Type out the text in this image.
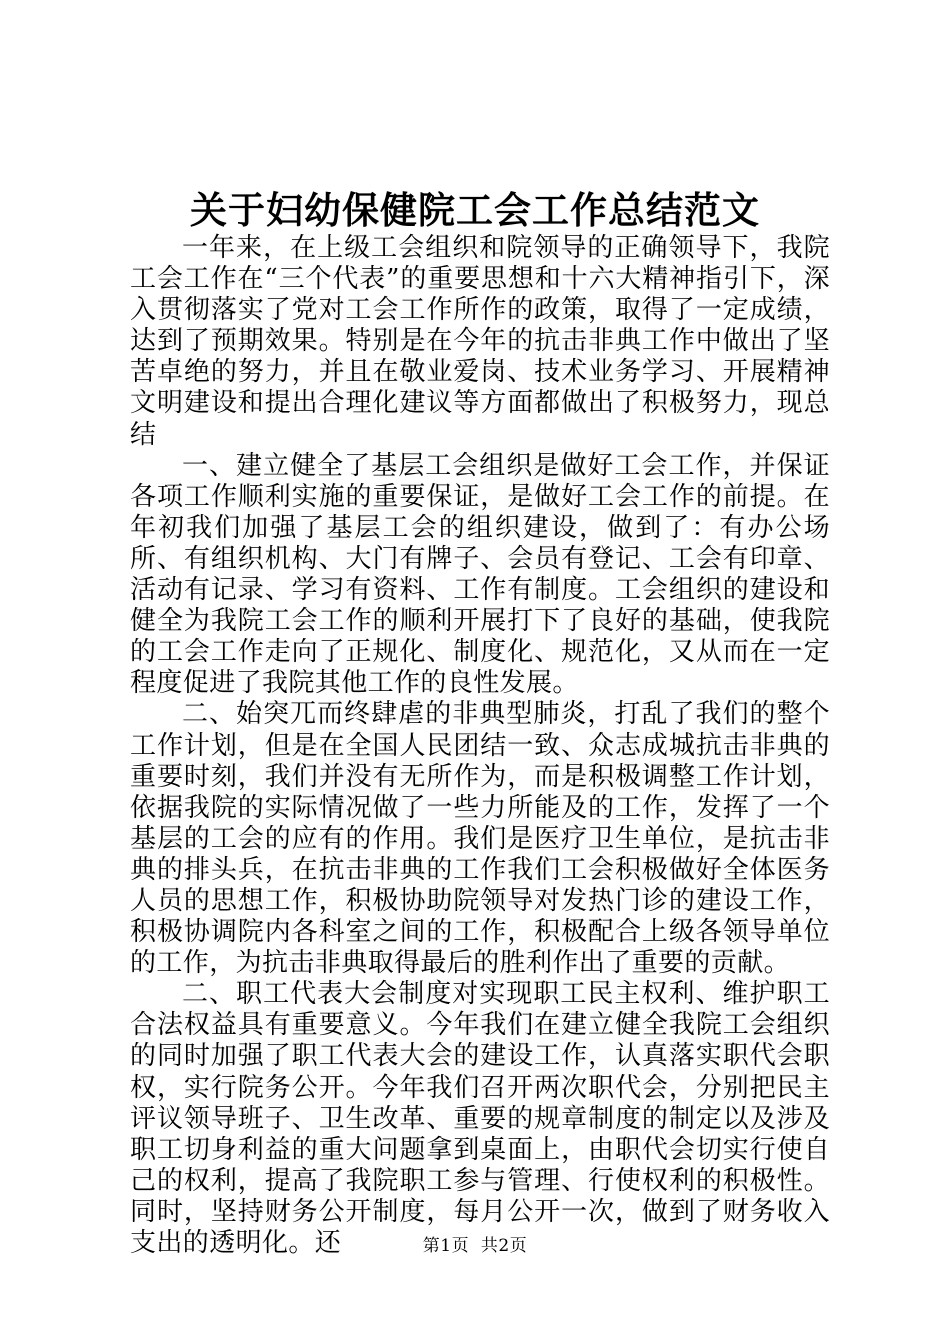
关于妇幼保健院工会工作总结范文

一年来，在上级工会组织和院领导的正确领导下，我院工会工作在“三个代表”的重要思想和十六大精神指引下，深入贯彻落实了党对工会工作所作的政策，取得了一定成绩，达到了预期效果。特别是在今年的抗击非典工作中做出了坚苦卓绝的努力，并且在敬业爱岗、技术业务学习、开展精神文明建设和提出合理化建议等方面都做出了积极努力，现总结

一、建立健全了基层工会组织是做好工会工作，并保证各项工作顺利实施的重要保证，是做好工会工作的前提。在年初我们加强了基层工会的组织建设，做到了：有办公场所、有组织机构、大门有牌子、会员有登记、工会有印章、活动有记录、学习有资料、工作有制度。工会组织的建设和健全为我院工会工作的顺利开展打下了良好的基础，使我院的工会工作走向了正规化、制度化、规范化，又从而在一定程度促进了我院其他工作的良性发展。

二、始突兀而终肆虐的非典型肺炎，打乱了我们的整个工作计划，但是在全国人民团结一致、众志成城抗击非典的重要时刻，我们并没有无所作为，而是积极调整工作计划，依据我院的实际情况做了一些力所能及的工作，发挥了一个基层的工会的应有的作用。我们是医疗卫生单位，是抗击非典的排头兵，在抗击非典的工作我们工会积极做好全体医务人员的思想工作，积极协助院领导对发热门诊的建设工作，积极协调院内各科室之间的工作，积极配合上级各领导单位的工作，为抗击非典取得最后的胜利作出了重要的贡献。

二、职工代表大会制度对实现职工民主权利、维护职工合法权益具有重要意义。今年我们在建立健全我院工会组织的同时加强了职工代表大会的建设工作，认真落实职代会职权，实行院务公开。今年我们召开两次职代会，分别把民主评议领导班子、卫生改革、重要的规章制度的制定以及涉及职工切身利益的重大问题拿到桌面上，由职代会切实行使自己的权利，提高了我院职工参与管理、行使权利的积极性。同时，坚持财务公开制度，每月公开一次，做到了财务收入支出的透明化。还	第1页 共2页
